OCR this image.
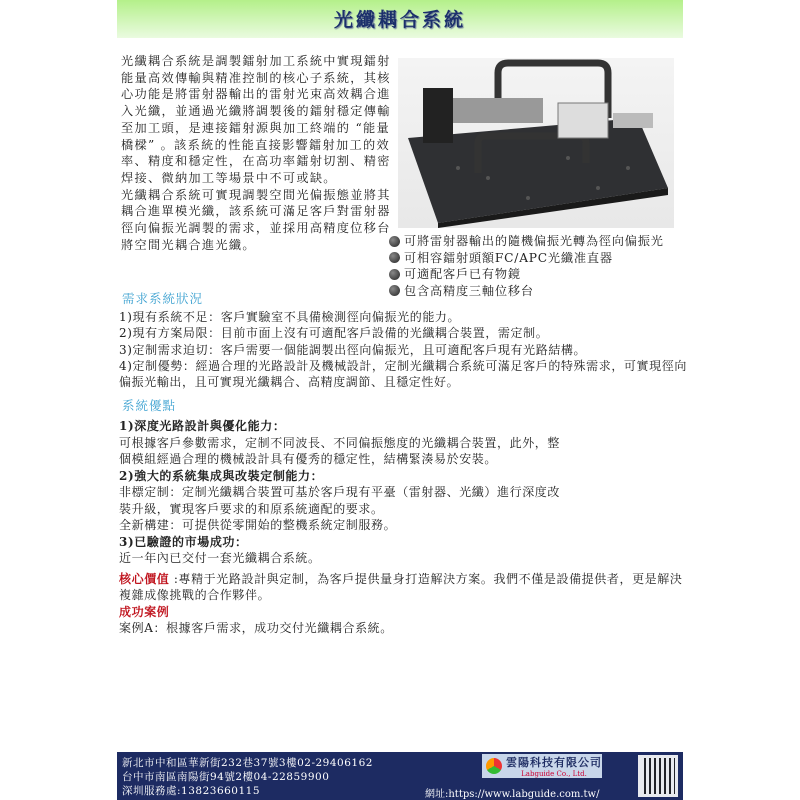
光纖耦合系統

光纖耦合系統是調製鐳射加工系統中實現鐳射能量高效傳輸與精准控制的核心子系統，其核心功能是將雷射器輸出的雷射光束高效耦合進入光纖，並通過光纖將調製後的鐳射穩定傳輸至加工頭，是連接鐳射源與加工終端的 “能量橋樑” 。該系統的性能直接影響鐳射加工的效率、精度和穩定性，在高功率鐳射切割、精密焊接、微納加工等場景中不可或缺。

光纖耦合系統可實現調製空間光偏振態並將其耦合進單模光纖，該系統可滿足客戶對雷射器徑向偏振光調製的需求，並採用高精度位移台將空間光耦合進光纖。	可將雷射器輸出的隨機偏振光轉為徑向偏振光
可相容鐳射頭額FC/APC光纖准直器
可適配客戶已有物鏡
包含高精度三軸位移台
需求系統狀況
1)現有系統不足：客戶實驗室不具備檢測徑向偏振光的能力。
2)現有方案局限：目前市面上沒有可適配客戶設備的光纖耦合裝置，需定制。
3)定制需求迫切：客戶需要一個能調製出徑向偏振光，且可適配客戶現有光路結構。
4)定制優勢：經過合理的光路設計及機械設計，定制光纖耦合系統可滿足客戶的特殊需求，可實現徑向偏振光輸出，且可實現光纖耦合、高精度調節、且穩定性好。
系統優點
1)深度光路設計與優化能力：
可根據客戶參數需求，定制不同波長、不同偏振態度的光纖耦合裝置，此外，整
個模組經過合理的機械設計具有優秀的穩定性，結構緊湊易於安裝。
2)強大的系統集成與改裝定制能力：
非標定制：定制光纖耦合裝置可基於客戶現有平臺（雷射器、光纖）進行深度改
裝升級，實現客戶要求的和原系統適配的要求。
全新構建：可提供從零開始的整機系統定制服務。
3)已驗證的市場成功：
近一年內已交付一套光纖耦合系統。
核心價值 :專精于光路設計與定制，為客戶提供量身打造解決方案。我們不僅是設備提供者，更是解決複雜成像挑戰的合作夥伴。
成功案例
案例A：根據客戶需求，成功交付光纖耦合系統。
新北市中和區華新街232巷37號3樓02-29406162
台中市南區南陽街94號2樓04-22859900
深圳服務處:13823660115
雲陽科技有限公司
Labguide Co., Ltd.
網址:https://www.labguide.com.tw/
